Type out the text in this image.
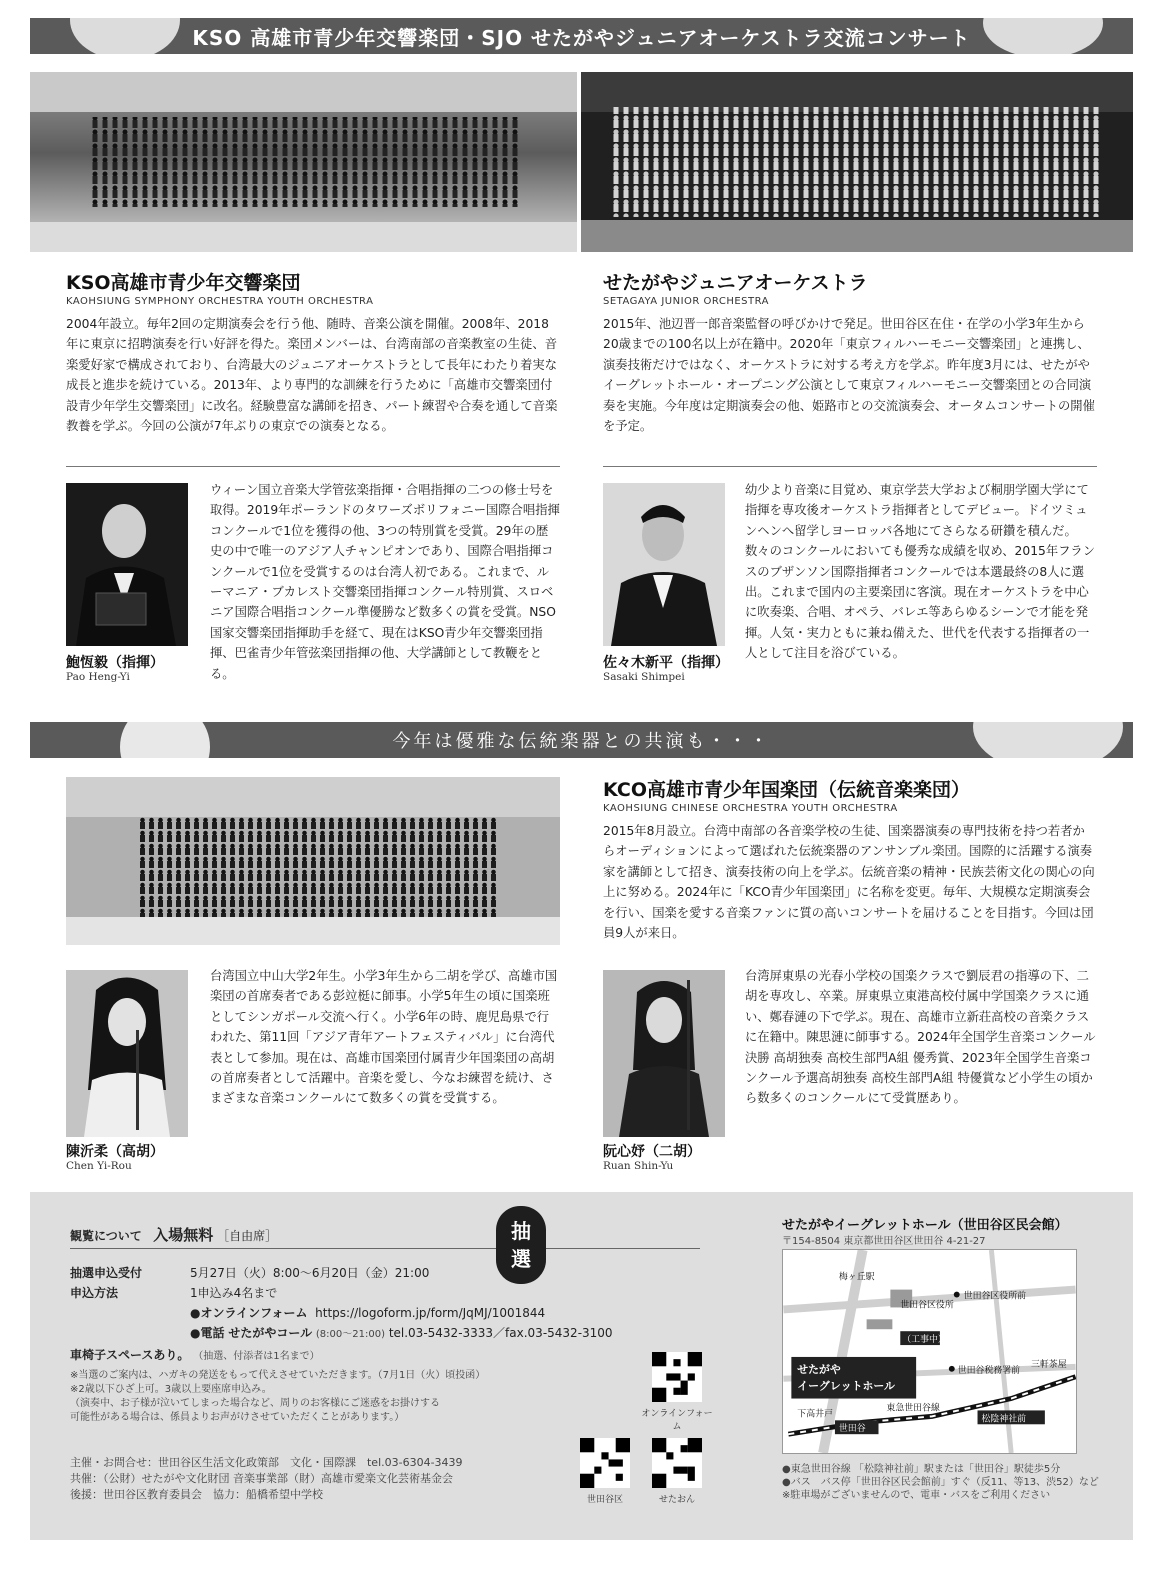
KSO 高雄市青少年交響楽団・SJO せたがやジュニアオーケストラ交流コンサート
KSO高雄市青少年交響楽団
KAOHSIUNG SYMPHONY ORCHESTRA YOUTH ORCHESTRA
2004年設立。毎年2回の定期演奏会を行う他、随時、音楽公演を開催。2008年、2018年に東京に招聘演奏を行い好評を得た。楽団メンバーは、台湾南部の音楽教室の生徒、音楽愛好家で構成されており、台湾最大のジュニアオーケストラとして長年にわたり着実な成長と進歩を続けている。2013年、より専門的な訓練を行うために「高雄市交響楽団付設青少年学生交響楽団」に改名。経験豊富な講師を招き、パート練習や合奏を通して音楽教養を学ぶ。今回の公演が7年ぶりの東京での演奏となる。
せたがやジュニアオーケストラ
SETAGAYA JUNIOR ORCHESTRA
2015年、池辺晋一郎音楽監督の呼びかけで発足。世田谷区在住・在学の小学3年生から20歳までの100名以上が在籍中。2020年「東京フィルハーモニー交響楽団」と連携し、演奏技術だけではなく、オーケストラに対する考え方を学ぶ。昨年度3月には、せたがやイーグレットホール・オープニング公演として東京フィルハーモニー交響楽団との合同演奏を実施。今年度は定期演奏会の他、姫路市との交流演奏会、オータムコンサートの開催を予定。
鮑恆毅（指揮）
Pao Heng-Yi
ウィーン国立音楽大学管弦楽指揮・合唱指揮の二つの修士号を取得。2019年ポーランドのタワーズボリフォニー国際合唱指揮コンクールで1位を獲得の他、3つの特別賞を受賞。29年の歴史の中で唯一のアジア人チャンピオンであり、国際合唱指揮コンクールで1位を受賞するのは台湾人初である。これまで、ルーマニア・ブカレスト交響楽団指揮コンクール特別賞、スロベニア国際合唱指コンクール準優勝など数多くの賞を受賞。NSO国家交響楽団指揮助手を経て、現在はKSO青少年交響楽団指揮、巴雀青少年管弦楽団指揮の他、大学講師として教鞭をとる。
佐々木新平（指揮）
Sasaki Shimpei
幼少より音楽に目覚め、東京学芸大学および桐朋学園大学にて指揮を専攻後オーケストラ指揮者としてデビュー。ドイツミュンヘンへ留学しヨーロッパ各地にてさらなる研鑽を積んだ。数々のコンクールにおいても優秀な成績を収め、2015年フランスのブザンソン国際指揮者コンクールでは本選最終の8人に選出。これまで国内の主要楽団に客演。現在オーケストラを中心に吹奏楽、合唱、オペラ、バレエ等あらゆるシーンで才能を発揮。人気・実力ともに兼ね備えた、世代を代表する指揮者の一人として注目を浴びている。
今年は優雅な伝統楽器との共演も・・・
KCO高雄市青少年国楽団（伝統音楽楽団）
KAOHSIUNG CHINESE ORCHESTRA YOUTH ORCHESTRA
2015年8月設立。台湾中南部の各音楽学校の生徒、国楽器演奏の専門技術を持つ若者からオーディションによって選ばれた伝統楽器のアンサンブル楽団。国際的に活躍する演奏家を講師として招き、演奏技術の向上を学ぶ。伝統音楽の精神・民族芸術文化の関心の向上に努める。2024年に「KCO青少年国楽団」に名称を変更。毎年、大規模な定期演奏会を行い、国楽を愛する音楽ファンに質の高いコンサートを届けることを目指す。今回は団員9人が来日。
陳沂柔（高胡）
Chen Yi-Rou
台湾国立中山大学2年生。小学3年生から二胡を学び、高雄市国楽団の首席奏者である彭竝梃に師事。小学5年生の頃に国楽班としてシンガポール交流へ行く。小学6年の時、鹿児島県で行われた、第11回「アジア青年アートフェスティバル」に台湾代表として参加。現在は、高雄市国楽団付属青少年国楽団の高胡の首席奏者として活躍中。音楽を愛し、今なお練習を続け、さまざまな音楽コンクールにて数多くの賞を受賞する。
阮心妤（二胡）
Ruan Shin-Yu
台湾屏東県の光春小学校の国楽クラスで劉辰君の指導の下、二胡を専攻し、卒業。屏東県立東港高校付属中学国楽クラスに通い、鄭春漣の下で学ぶ。現在、高雄市立新荘高校の音楽クラスに在籍中。陳思漣に師事する。2024年全国学生音楽コンクール決勝 高胡独奏 高校生部門A組 優秀賞、2023年全国学生音楽コンクール予選高胡独奏 高校生部門A組 特優賞など小学生の頃から数多くのコンクールにて受賞歴あり。
観覧について 入場無料 ［自由席］	抽
選
抽選申込受付	5月27日（火）8:00～6月20日（金）21:00
申込方法	1申込み4名まで
●オンラインフォーム https://logoform.jp/form/JqMJ/1001844
●電話 せたがやコール (8:00～21:00) tel.03-5432-3333／fax.03-5432-3100
車椅子スペースあり。 （抽選、付添者は1名まで）
※当選のご案内は、ハガキの発送をもって代えさせていただきます。（7月1日（火）頃投函）
※2歳以下ひざ上可。3歳以上要座席申込み。
（演奏中、お子様が泣いてしまった場合など、周りのお客様にご迷惑をお掛けする
可能性がある場合は、係員よりお声がけさせていただくことがあります。）
主催・お問合せ：世田谷区生活文化政策部　文化・国際課　tel.03-6304-3439
共催：（公財）せたがや文化財団 音楽事業部（財）高雄市愛楽文化芸術基金会
後援：世田谷区教育委員会　協力：船橋希望中学校
オンラインフォーム
世田谷区	せたおん
せたがやイーグレットホール（世田谷区民会館）
〒154-8504 東京都世田谷区世田谷 4-21-27
世田谷区役所前
世田谷区役所
（工事中）
せたがや
イーグレットホール
世田谷税務署前
世田谷
東急世田谷線
松陰神社前
下高井戸
三軒茶屋
梅ヶ丘駅
●東急世田谷線 「松陰神社前」駅または「世田谷」駅徒歩5分
●バス　バス停「世田谷区民会館前」すぐ（反11、等13、渋52）など
※駐車場がございませんので、電車・バスをご利用ください
